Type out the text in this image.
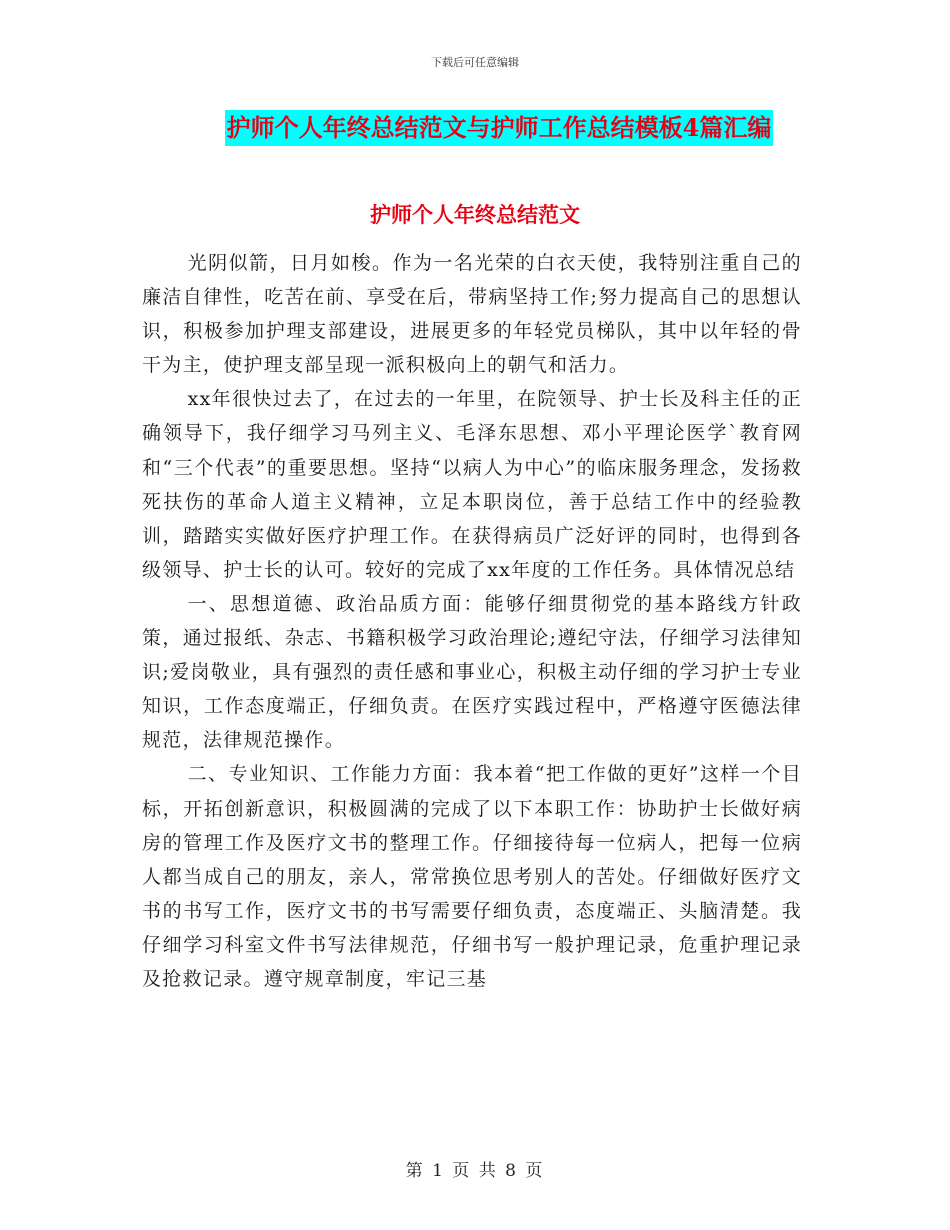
下载后可任意编辑
护师个人年终总结范文与护师工作总结模板4篇汇编
护师个人年终总结范文

光阴似箭，日月如梭。作为一名光荣的白衣天使，我特别注重自己的廉洁自律性，吃苦在前、享受在后，带病坚持工作;努力提高自己的思想认识，积极参加护理支部建设，进展更多的年轻党员梯队，其中以年轻的骨干为主，使护理支部呈现一派积极向上的朝气和活力。

xx年很快过去了，在过去的一年里，在院领导、护士长及科主任的正确领导下，我仔细学习马列主义、毛泽东思想、邓小平理论医学`教育网和“三个代表”的重要思想。坚持“以病人为中心”的临床服务理念，发扬救死扶伤的革命人道主义精神，立足本职岗位，善于总结工作中的经验教训，踏踏实实做好医疗护理工作。在获得病员广泛好评的同时，也得到各级领导、护士长的认可。较好的完成了xx年度的工作任务。具体情况总结

一、思想道德、政治品质方面：能够仔细贯彻党的基本路线方针政策，通过报纸、杂志、书籍积极学习政治理论;遵纪守法，仔细学习法律知识;爱岗敬业，具有强烈的责任感和事业心，积极主动仔细的学习护士专业知识，工作态度端正，仔细负责。在医疗实践过程中，严格遵守医德法律规范，法律规范操作。

二、专业知识、工作能力方面：我本着“把工作做的更好”这样一个目标，开拓创新意识，积极圆满的完成了以下本职工作：协助护士长做好病房的管理工作及医疗文书的整理工作。仔细接待每一位病人，把每一位病人都当成自己的朋友，亲人，常常换位思考别人的苦处。仔细做好医疗文书的书写工作，医疗文书的书写需要仔细负责，态度端正、头脑清楚。我仔细学习科室文件书写法律规范，仔细书写一般护理记录，危重护理记录及抢救记录。遵守规章制度，牢记三基

第 1 页 共 8 页
